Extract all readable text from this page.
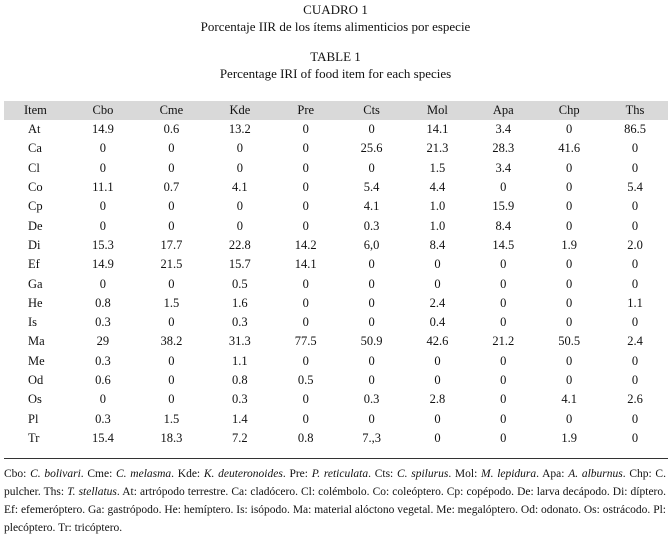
CUADRO 1
Porcentaje IIR de los ítems alimenticios por especie
TABLE 1
Percentage IRI of food item for each species
Item	Cbo	Cme	Kde	Pre	Cts	Mol	Apa	Chp	Ths
At	14.9	0.6	13.2	0	0	14.1	3.4	0	86.5
Ca	0	0	0	0	25.6	21.3	28.3	41.6	0
Cl	0	0	0	0	0	1.5	3.4	0	0
Co	11.1	0.7	4.1	0	5.4	4.4	0	0	5.4
Cp	0	0	0	0	4.1	1.0	15.9	0	0
De	0	0	0	0	0.3	1.0	8.4	0	0
Di	15.3	17.7	22.8	14.2	6,0	8.4	14.5	1.9	2.0
Ef	14.9	21.5	15.7	14.1	0	0	0	0	0
Ga	0	0	0.5	0	0	0	0	0	0
He	0.8	1.5	1.6	0	0	2.4	0	0	1.1
Is	0.3	0	0.3	0	0	0.4	0	0	0
Ma	29	38.2	31.3	77.5	50.9	42.6	21.2	50.5	2.4
Me	0.3	0	1.1	0	0	0	0	0	0
Od	0.6	0	0.8	0.5	0	0	0	0	0
Os	0	0	0.3	0	0.3	2.8	0	4.1	2.6
Pl	0.3	1.5	1.4	0	0	0	0	0	0
Tr	15.4	18.3	7.2	0.8	7.,3	0	0	1.9	0
Cbo: C. bolivari. Cme: C. melasma. Kde: K. deuteronoides. Pre: P. reticulata. Cts: C. spilurus. Mol: M. lepidura. Apa: A. alburnus. Chp: C. pulcher. Ths: T. stellatus. At: artrópodo terrestre. Ca: cladócero. Cl: colémbolo. Co: coleóptero. Cp: copépodo. De: larva decápodo. Di: díptero. Ef: efemeróptero. Ga: gastrópodo. He: hemíptero. Is: isópodo. Ma: material alóctono vegetal. Me: megalóptero. Od: odonato. Os: ostrácodo. Pl: plecóptero. Tr: tricóptero.
